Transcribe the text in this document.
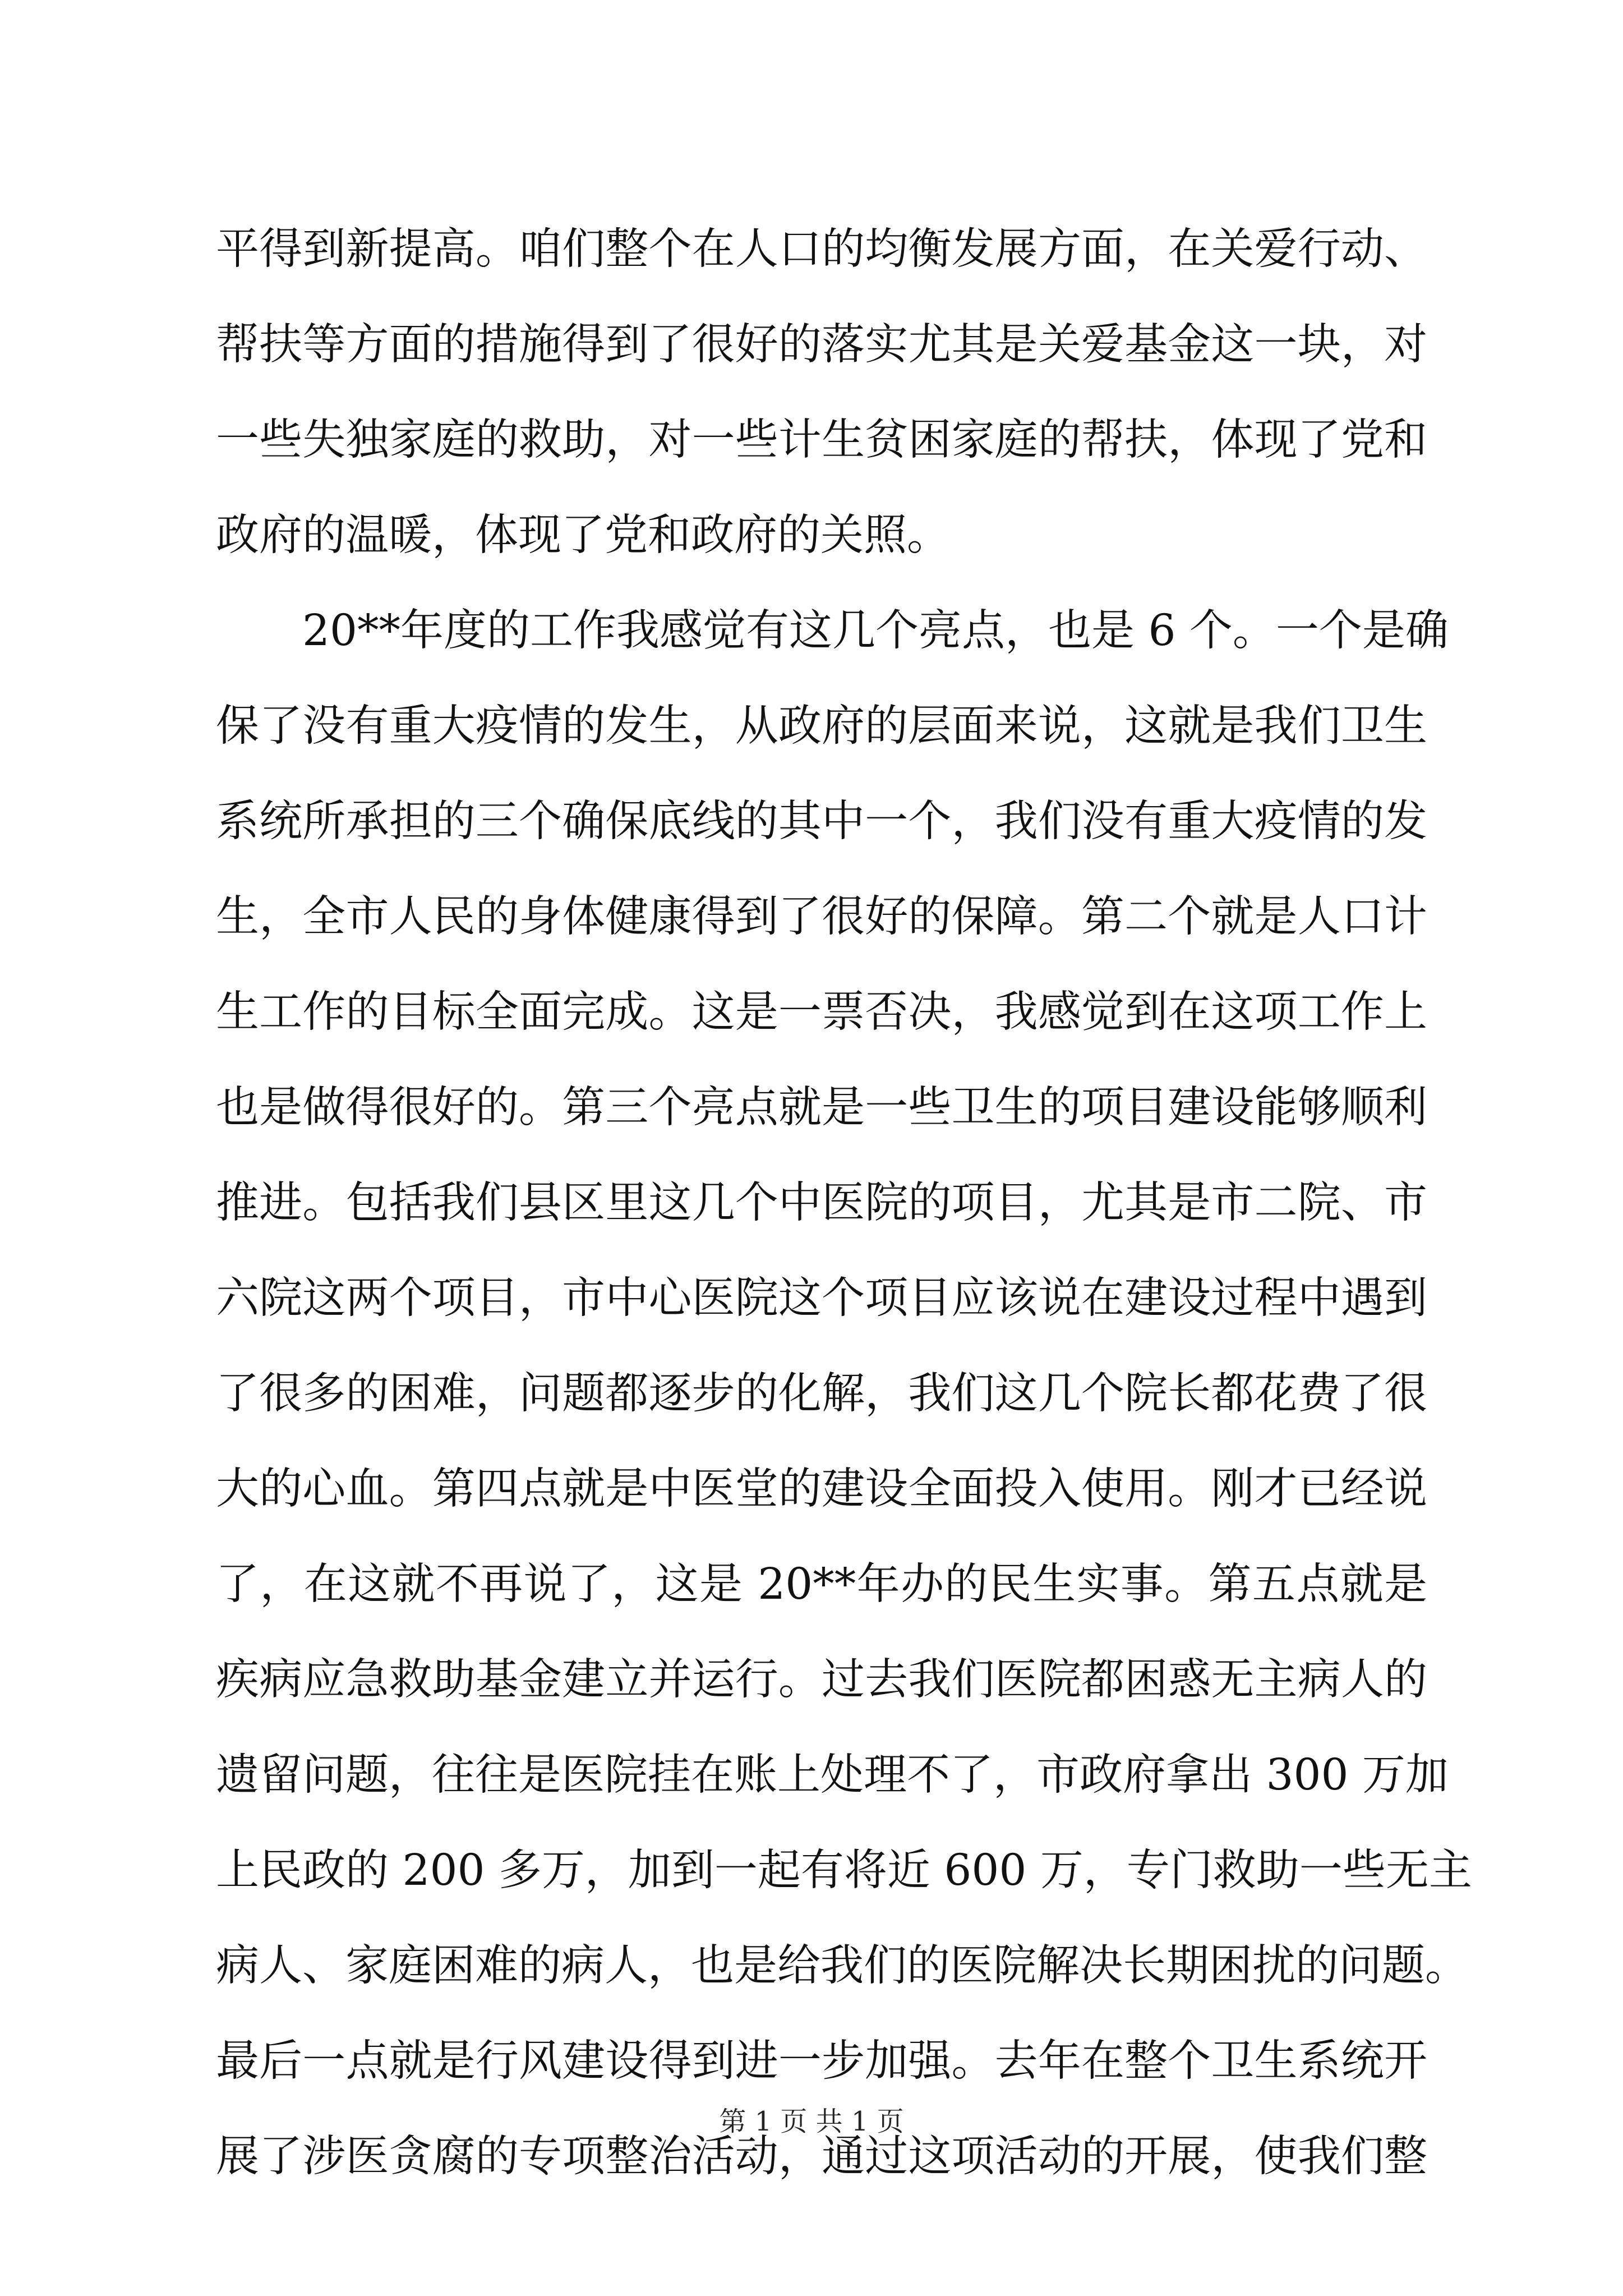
平得到新提高。咱们整个在人口的均衡发展方面，在关爱行动、
帮扶等方面的措施得到了很好的落实尤其是关爱基金这一块，对
一些失独家庭的救助，对一些计生贫困家庭的帮扶，体现了党和
政府的温暖，体现了党和政府的关照。
20**年度的工作我感觉有这几个亮点，也是 6 个。一个是确
保了没有重大疫情的发生，从政府的层面来说，这就是我们卫生
系统所承担的三个确保底线的其中一个，我们没有重大疫情的发
生，全市人民的身体健康得到了很好的保障。第二个就是人口计
生工作的目标全面完成。这是一票否决，我感觉到在这项工作上
也是做得很好的。第三个亮点就是一些卫生的项目建设能够顺利
推进。包括我们县区里这几个中医院的项目，尤其是市二院、市
六院这两个项目，市中心医院这个项目应该说在建设过程中遇到
了很多的困难，问题都逐步的化解，我们这几个院长都花费了很
大的心血。第四点就是中医堂的建设全面投入使用。刚才已经说
了，在这就不再说了，这是 20**年办的民生实事。第五点就是
疾病应急救助基金建立并运行。过去我们医院都困惑无主病人的
遗留问题，往往是医院挂在账上处理不了，市政府拿出 300 万加
上民政的 200 多万，加到一起有将近 600 万，专门救助一些无主
病人、家庭困难的病人，也是给我们的医院解决长期困扰的问题。
最后一点就是行风建设得到进一步加强。去年在整个卫生系统开
展了涉医贪腐的专项整治活动，通过这项活动的开展，使我们整
第 1 页 共 1 页
